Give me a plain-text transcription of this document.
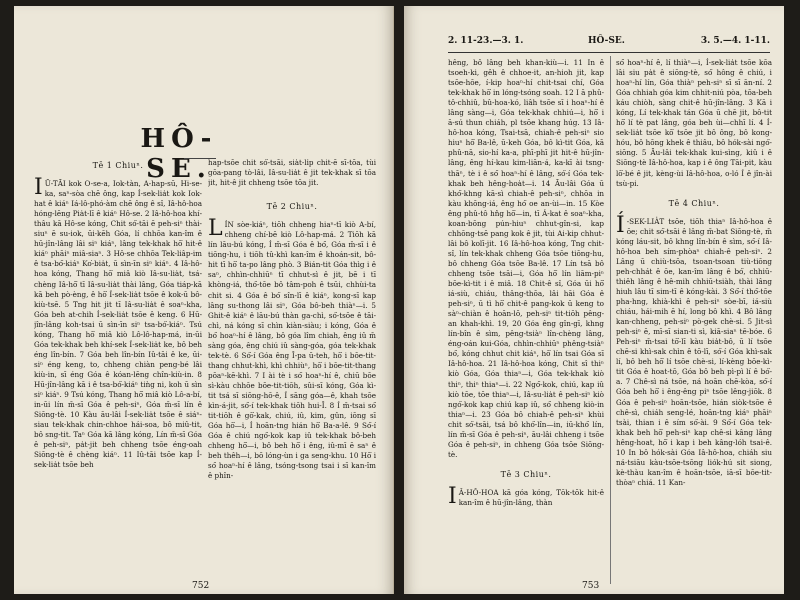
HÔ-SE.
Tē 1 Chiuⁿ.

IŪ-TĀI kok O-se-a, Iok-tàn, A-hap-sū, Hi-se-ka, saⁿ-sòa chē ông, kap Í-sek-lia̍t kok Iok-hat ê kiáⁿ Iá-lô-phó-àm chē ông ê sî, Iâ-hô-hoa hóng-lēng Pia̍t-lī ê kiáⁿ Hô-se. 2 Iâ-hô-hoa khí-thâu kā Hô-se kóng, Chit só͘-tāi ē peh-siⁿ thài-siuⁿ ē su-iok, ūi-kēh Góa, lí chhōa kan-îm ê hū-jîn-lâng lâi siⁿ kiáⁿ, lâng tek-khak hō͘ hit-ê kiáⁿ phāiⁿ miâ-siaⁿ. 3 Hô-se chhōa Tek-liâp-im ê tsa-bó͘-kiáⁿ Ko͘-bia̍t, ū sìn-īn siⁿ kiáⁿ. 4 Iâ-hô-hoa kóng, Thang hō͘ miâ kiò Iâ-su-lia̍t, tsá-chèng Iâ-hō͘ tī Iâ-su-lia̍t thài lâng, Góa tiáp-kā kā beh pò-èng, ê hō͘ Í-sek-lia̍t tsōe ê kok-ū bô-kiù-tsē. 5 Tng hit jit tī Iâ-su-lia̍t ê soaⁿ-kha, Góa beh at-chih Í-sek-lia̍t tsōe ê keng. 6 Hū-jîn-lâng koh-tsai ū sìn-īn siⁿ tsa-bó͘-kiáⁿ. Tsú kóng, Thang hō͘ miâ kiò Lô-lô-hap-má, in-ūi Góa tek-khak beh khí-sek Í-sek-lia̍t ke, bô beh éng lîn-bín. 7 Góa beh lîn-bín Iû-tāi ê ke, ūi-siⁿ éng keng, to, chheng chiàn peng-bé lâi kiù-in, sī éng Góa ê kóan-lēng chîn-kiù-in. 8 Hū-jîn-lâng kā i ê tsa-bó͘-kiáⁿ tiǹg ni, koh ū sìn siⁿ kiáⁿ. 9 Tsú kóng, Thang hō͘ miâ kiò Lô-a-bí, in-ūi lín m̄-sī Góa ê peh-siⁿ, Góa m̄-sī lín ê Siōng-tè. 10 Kàu āu-lâi Í-sek-lia̍t tsōe ê siáⁿ-siau tek-khak chin-chhoe hái-soa, bô miû-tit, bô sng-tit. Taⁿ Góa kā lâng kóng, Lín m̄-sī Góa ê peh-siⁿ, pa̍t-jit beh chheng tsōe éng-oah Siōng-tè ê chèng kiáⁿ. 11 Iû-tāi tsōe kap Í-sek-lia̍t tsōe beh

hap-tsōe chit só͘-tsāi, sia̍t-li̍p chit-ē sī-tōa, tùi gōa-pang tò-lâi, Iâ-su-lia̍t ê jit tek-khak sī tōa jit, hit-ê jit chheng tsōe tōa jit.

Tē 2 Chiuⁿ.

LÍN sòe-kiáⁿ, tiōh chheng hiaⁿ-tī kiò A-bí, chheng chí-bē kiò Lô-hap-má. 2 Tiōh kā lín lāu-bú kóng, Í m̄-sī Góa ê bó͘, Góa m̄-sī i ê tiōng-hu, i tiōh tû-khì kan-îm ê khoán-sit, bô-hit tī hō͘ ta-po lâng phò. 3 Bián-tit Góa thìg i ê saⁿ, chhìn-chhiūⁿ tī chhut-sì ê jit, bē i tī khòng-iá, thó͘-tōe bô tâm-poh ê tsūi, chhùi-ta chit si. 4 Góa ê bó͘ sîn-lī ê kiáⁿ, kong-sī kap lâng su-thong lâi siⁿ, Góa bô-beh thiàⁿ—i. 5 Ghit-ê kiáⁿ ê lāu-bú thàn ga-chì, só͘-tsōe ê tāi-chì, ná kóng sī chìn kiàn-siàu; i kóng, Góa ê bó͘ hoaⁿ-hí ê lâng, bô góa lîm chiah, êng iû m̄ sàng góa, êng chiú iû sàng-góa, góa tek-khak tek-tè. 6 Só͘-í Góa êng Î-pa ū-teh, hō͘ i bōe-tit-thang chhut-khì, khì chhiùⁿ, hō͘ i bōe-tit-thang pōaⁿ-kē-khì. 7 I ài tè i só͘ hoaⁿ-hí ê, chiū bōe sì-kàu chhōe bōe-tit-tiōh, sûi-sī kóng, Góa kì-tit tsá sī siōng-hō-ê, Í sāng góa—ê, khah tsōe kìn-á-jit, só͘-í tek-khak tiōh hui-Î. 8 Í m̄-tsai só͘ tit-tiōh ê gō͘-kak, chiú, iû, kim, gûn, iōng sī Góa hō͘—i, Í hoān-tng hián hō͘ Ba-a-lê. 9 Só͘-í Góa ê chiú ngó͘-kok kap iû tek-khak bô-beh chheng hō͘—i, bô beh hō͘ i êng, iû-mī ē saⁿ ê beh thêh—i, bō lóng-ùn i ga seng-khu. 10 Hō͘ i só͘ hoaⁿ-hí ê lâng, tsóng-tsong tsai i sī kan-îm ê phîn-

752
2. 11-23.—3. 1.	HÔ-SE.	3. 5.—4. 1-11.

hêng, bô lâng beh khan-kiù—i. 11 In ê tsoeh-ki, gêh ê chhoe-it, an-hioh jit, kap tsōe-hōe, í-kip hoaⁿ-hí chit-tsai chí, Góa tek-khak hō͘ in lóng-tsóng soah. 12 I ā phû-tô-chhiû, bû-hoa-kó, liâh tsōe sī i hoaⁿ-hí ê lâng sàng—i, Góa tek-khak chhiú—i, hō͘ i ā-sú thun chiáh, pl tsōe khang húg. 13 Iâ-hô-hoa kóng, Tsai-tsā, chiah-ê peh-siⁿ sio hiuⁿ hō͘ Ba-lê, ū-keh Góa, bô kì-tit Góa, kā phû-nā, sio-hí ka-a, phī-phī jit hit-ê hū-jîn-lâng, êng hí-kau kim-liān-á, ka-kī ài tsng-thāⁿ, tè i ê só͘ hoaⁿ-hí ê lâng, só͘-í Góa tek-khak beh hêng-hoa̍t—i. 14 Āu-lâi Góa ū khó͘-khng kā-sì chiah-ê peh-siⁿ, chhōa in kàu khōng-iá, êng hó͘ oe an-ùi—in. 15 Kòe êng phû-tô hn̂g hō͘—in, tī Á-kat ê soaⁿ-kha, koan-bōng pún-hiuⁿ chhut-gîn-si, kap chhōng-tsē pang kok ê jit, tùi Ai-kip chhut-lâi bô kolī-jit. 16 Iâ-hô-hoa kóng, Tng chit-sî, lín tek-khak chheng Góa tsōe tiōng-hu, bô chheng Góa tsōe Ba-lê. 17 Lín tsā bô chheng tsōe tsāi—i, Góa hō͘ lín liām-piⁿ bōe-kì-tit i ê miâ. 18 Chit-ê sî, Góa ūi hō͘ iá-siù, chiáu, thâng-thōa, lâi hāi Góa ê peh-siⁿ, ū tì hō͘ chit-ê pang-kok ū keng to sàⁿ-chiàn ê hoān-lō, peh-siⁿ tit-tiōh pêng-an khah-khì. 19, 20 Góa êng gîn-gī, khng lín-bîn ê sìm, pêng-tsiàⁿ lîn-chèng lâng, éng-oán kui-Góa, chhìn-chhiūⁿ phêng-tsiàⁿ bó͘, kóng chhut chit kiáⁿ, hō͘ lín tsai Góa sī Iâ-hô-hoa. 21 Iâ-hô-hoa kóng, Chit sî thiⁿ kiò Góa, Góa thiaⁿ—i, Góa tek-khak kiò thiⁿ, thiⁿ thiaⁿ—i. 22 Ngó͘-kok, chiú, kap iû kiò tōe, tōe thiaⁿ—i, Iâ-su-lia̍t ê peh-siⁿ kiò ngó͘-kok kap chiú kap iû, só͘ chheng kiò-in thiaⁿ—i. 23 Góa bô chiah-ê peh-siⁿ khùi chit só͘-tsāi, tsá bô khó͘-lîn—in, iū-khó͘ lín, lín m̄-sī Góa ê peh-siⁿ, āu-lâi chheng i tsōe Góa ê peh-siⁿ, in chheng Góa tsōe Siōng-tè.

Tē 3 Chiuⁿ.

IÂ-HÔ-HOA kā góa kóng, Tōk-tōk hit-ê kan-îm ê hū-jîn-lâng, thàn

só͘ hoaⁿ-hí ê, lí thiàⁿ—i, Í-sek-lia̍t tsōe kōa lâi siu pa̍t ê siōng-tè, só͘ hông ê chiú, i hoaⁿ-hí lín, Góa thiàⁿ peh-siⁿ sī sī ān-ní. 2 Góa chhiah góa kim chhit-niú pòa, tōa-beh káu chiòh, sàng chit-ê hū-jîn-lâng. 3 Kā i kóng, Lí tek-khak tán Góa ū chē jit, bô-tit hō͘ lí tè pat lâng, góa beh ùi—chhī lí. 4 Í-sek-lia̍t tsōe kō͘ tsōe jit bô ông, bô kong-hóu, bô hōng khek ê thiâu, bô hók-sài ngó͘-siōng. 5 Āu-lâi tek-khak kui-sìng, kiû i ê Siōng-tè Iâ-hô-hoa, kap i ê ông Tāi-pit, kàu lō͘-bé ê jit, kèng-ùi Iâ-hô-hoa, o-ló Í ê jîn-ài tsù-pi.

Tē 4 Chiuⁿ.

Í-SEK-LIA̍T tsōe, tiōh thiaⁿ Iâ-hô-hoa ê ōe; chit só͘-tsāi ê lâng m̄-bat Siōng-tè, m̄ kóng láu-sit, bô khng lîn-bín ê sìm, só͘-í Iâ-hô-hoa beh sím-phòaⁿ chiah-ê peh-siⁿ. 2 Lâng ū chiù-tsōa, tsoan-tsoan tiù-tiōng peh-chhát ê ōe, kan-îm lâng ê bó͘, chhiū-thiêh lâng ê hê-mih chhiū-tsiàh, thài lâng hiuh lâu tī sim-tī ê kóng-kài. 3 Só͘-í thó͘-tōe pha-hng, khià-khì ê peh-siⁿ sòe-bī, iá-siù chiáu, hái-mih ē hí, long bô khì. 4 Bô lâng kan-chheng, peh-siⁿ pò-gek chè-si. 5 Jit-sì peh-siⁿ ē, mī-sī sian-ti sì, kiā-siaⁿ tē-bóe. 6 Peh-siⁿ m̄-tsai tō͘-lī kàu bia̍t-bô, ū lí tsōe chē-si khì-sak chìn ê tō-lī, só͘-í Góa khì-sak lí, bô beh hō͘ lí tsōe chè-si, lí-kèng bōe-kì-tit Góa ê hoat-tō, Góa bô beh pì-pì lí ê bó͘-a. 7 Chê-sì ná tsōe, ná hoān chē-kòa, só͘-í Góa beh hō͘ i êng-êng piⁿ tsōe lêng-jiōk. 8 Góa ê peh-siⁿ hoān-tsōe, hián siòk-tsōe ê chê-sì, chiáh seng-lé, hoān-tng kiáⁿ phāiⁿ tsài, thian i ê sím só͘-ài. 9 Só͘-í Góa tek-khak beh hō͘ peh-siⁿ kap chê-si kâng lâng hêng-hoat, hō͘ i kap i beh kâng-lóh tsai-ê. 10 In bô hók-sài Góa Iâ-hô-hoa, chiáh siu ná-tsiāu kàu-tsōe-tsōng liók-hú sit siong, kè-thàu kan-îm ê hoān-tsōe, iā-sī bōe-tit-thòaⁿ chiá. 11 Kan-

753
